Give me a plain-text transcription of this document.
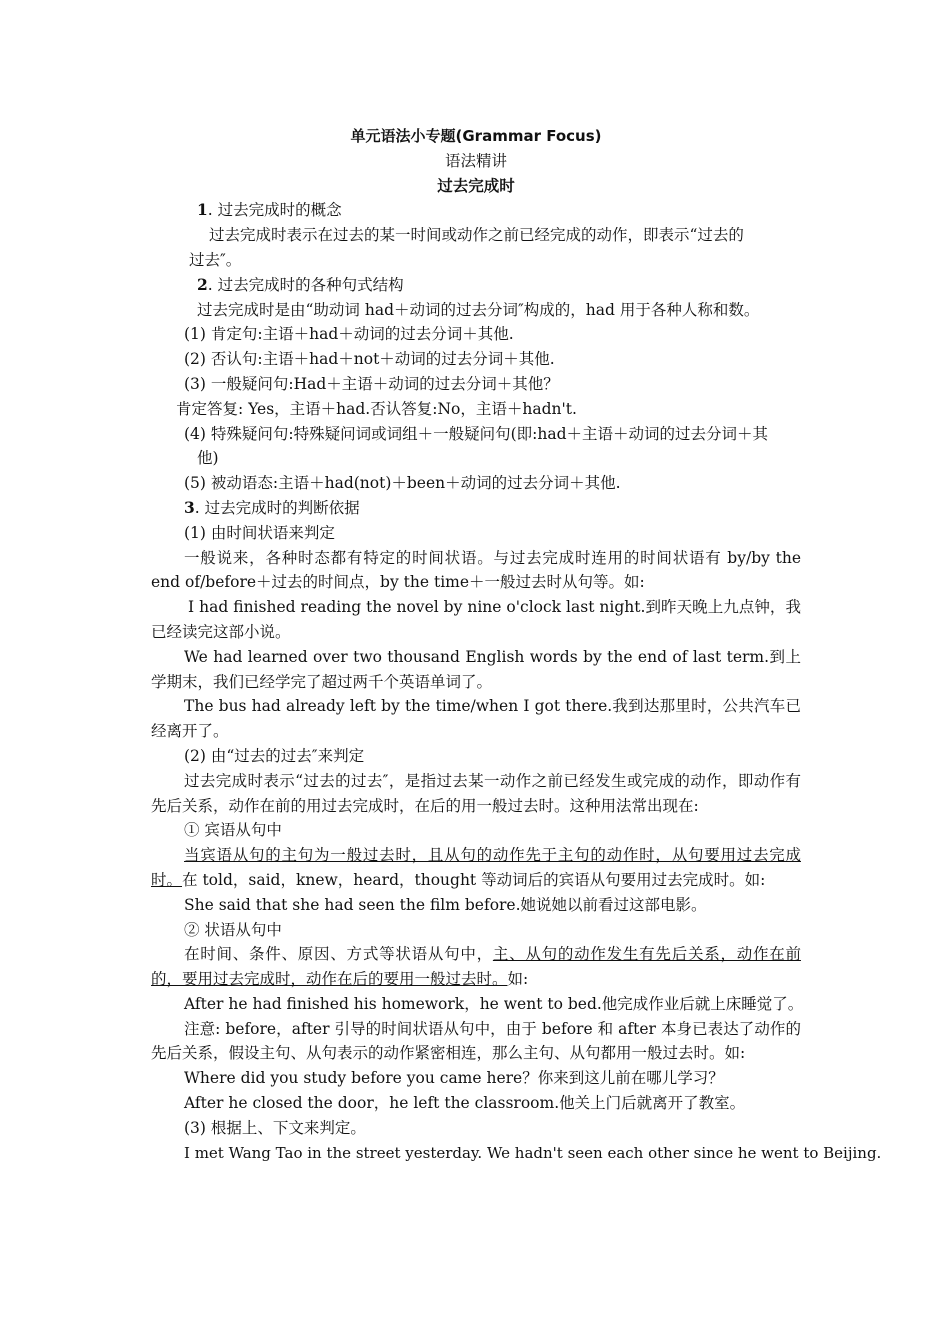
单元语法小专题(Grammar Focus)

语法精讲

过去完成时

1. 过去完成时的概念

过去完成时表示在过去的某一时间或动作之前已经完成的动作，即表示“过去的

过去″。

2. 过去完成时的各种句式结构

过去完成时是由“助动词 had＋动词的过去分词″构成的，had 用于各种人称和数。

(1) 肯定句:主语＋had＋动词的过去分词＋其他.

(2) 否认句:主语＋had＋not＋动词的过去分词＋其他.

(3) 一般疑问句:Had＋主语＋动词的过去分词＋其他？

肯定答复: Yes，主语＋had.否认答复:No，主语＋hadn't.

(4) 特殊疑问句:特殊疑问词或词组＋一般疑问句(即:had＋主语＋动词的过去分词＋其

他)

(5) 被动语态:主语＋had(not)＋been＋动词的过去分词＋其他.

3. 过去完成时的判断依据

(1) 由时间状语来判定

一般说来，各种时态都有特定的时间状语。与过去完成时连用的时间状语有 by/by the end of/before＋过去的时间点，by the time＋一般过去时从句等。如:

I had finished reading the novel by nine o'clock last night.到昨天晚上九点钟，我已经读完这部小说。

We had learned over two thousand English words by the end of last term.到上学期末，我们已经学完了超过两千个英语单词了。

The bus had already left by the time/when I got there.我到达那里时，公共汽车已经离开了。

(2) 由“过去的过去″来判定

过去完成时表示“过去的过去″，是指过去某一动作之前已经发生或完成的动作，即动作有先后关系，动作在前的用过去完成时，在后的用一般过去时。这种用法常出现在:

① 宾语从句中

当宾语从句的主句为一般过去时，且从句的动作先于主句的动作时，从句要用过去完成时。在 told，said，knew，heard，thought 等动词后的宾语从句要用过去完成时。如:

She said that she had seen the film before.她说她以前看过这部电影。

② 状语从句中

在时间、条件、原因、方式等状语从句中，主、从句的动作发生有先后关系，动作在前的，要用过去完成时，动作在后的要用一般过去时。如:

After he had finished his homework，he went to bed.他完成作业后就上床睡觉了。

注意: before，after 引导的时间状语从句中，由于 before 和 after 本身已表达了动作的先后关系，假设主句、从句表示的动作紧密相连，那么主句、从句都用一般过去时。如:

Where did you study before you came here？你来到这儿前在哪儿学习？

After he closed the door，he left the classroom.他关上门后就离开了教室。

(3) 根据上、下文来判定。

I met Wang Tao in the street yesterday. We hadn't seen each other since he went to Beijing.
